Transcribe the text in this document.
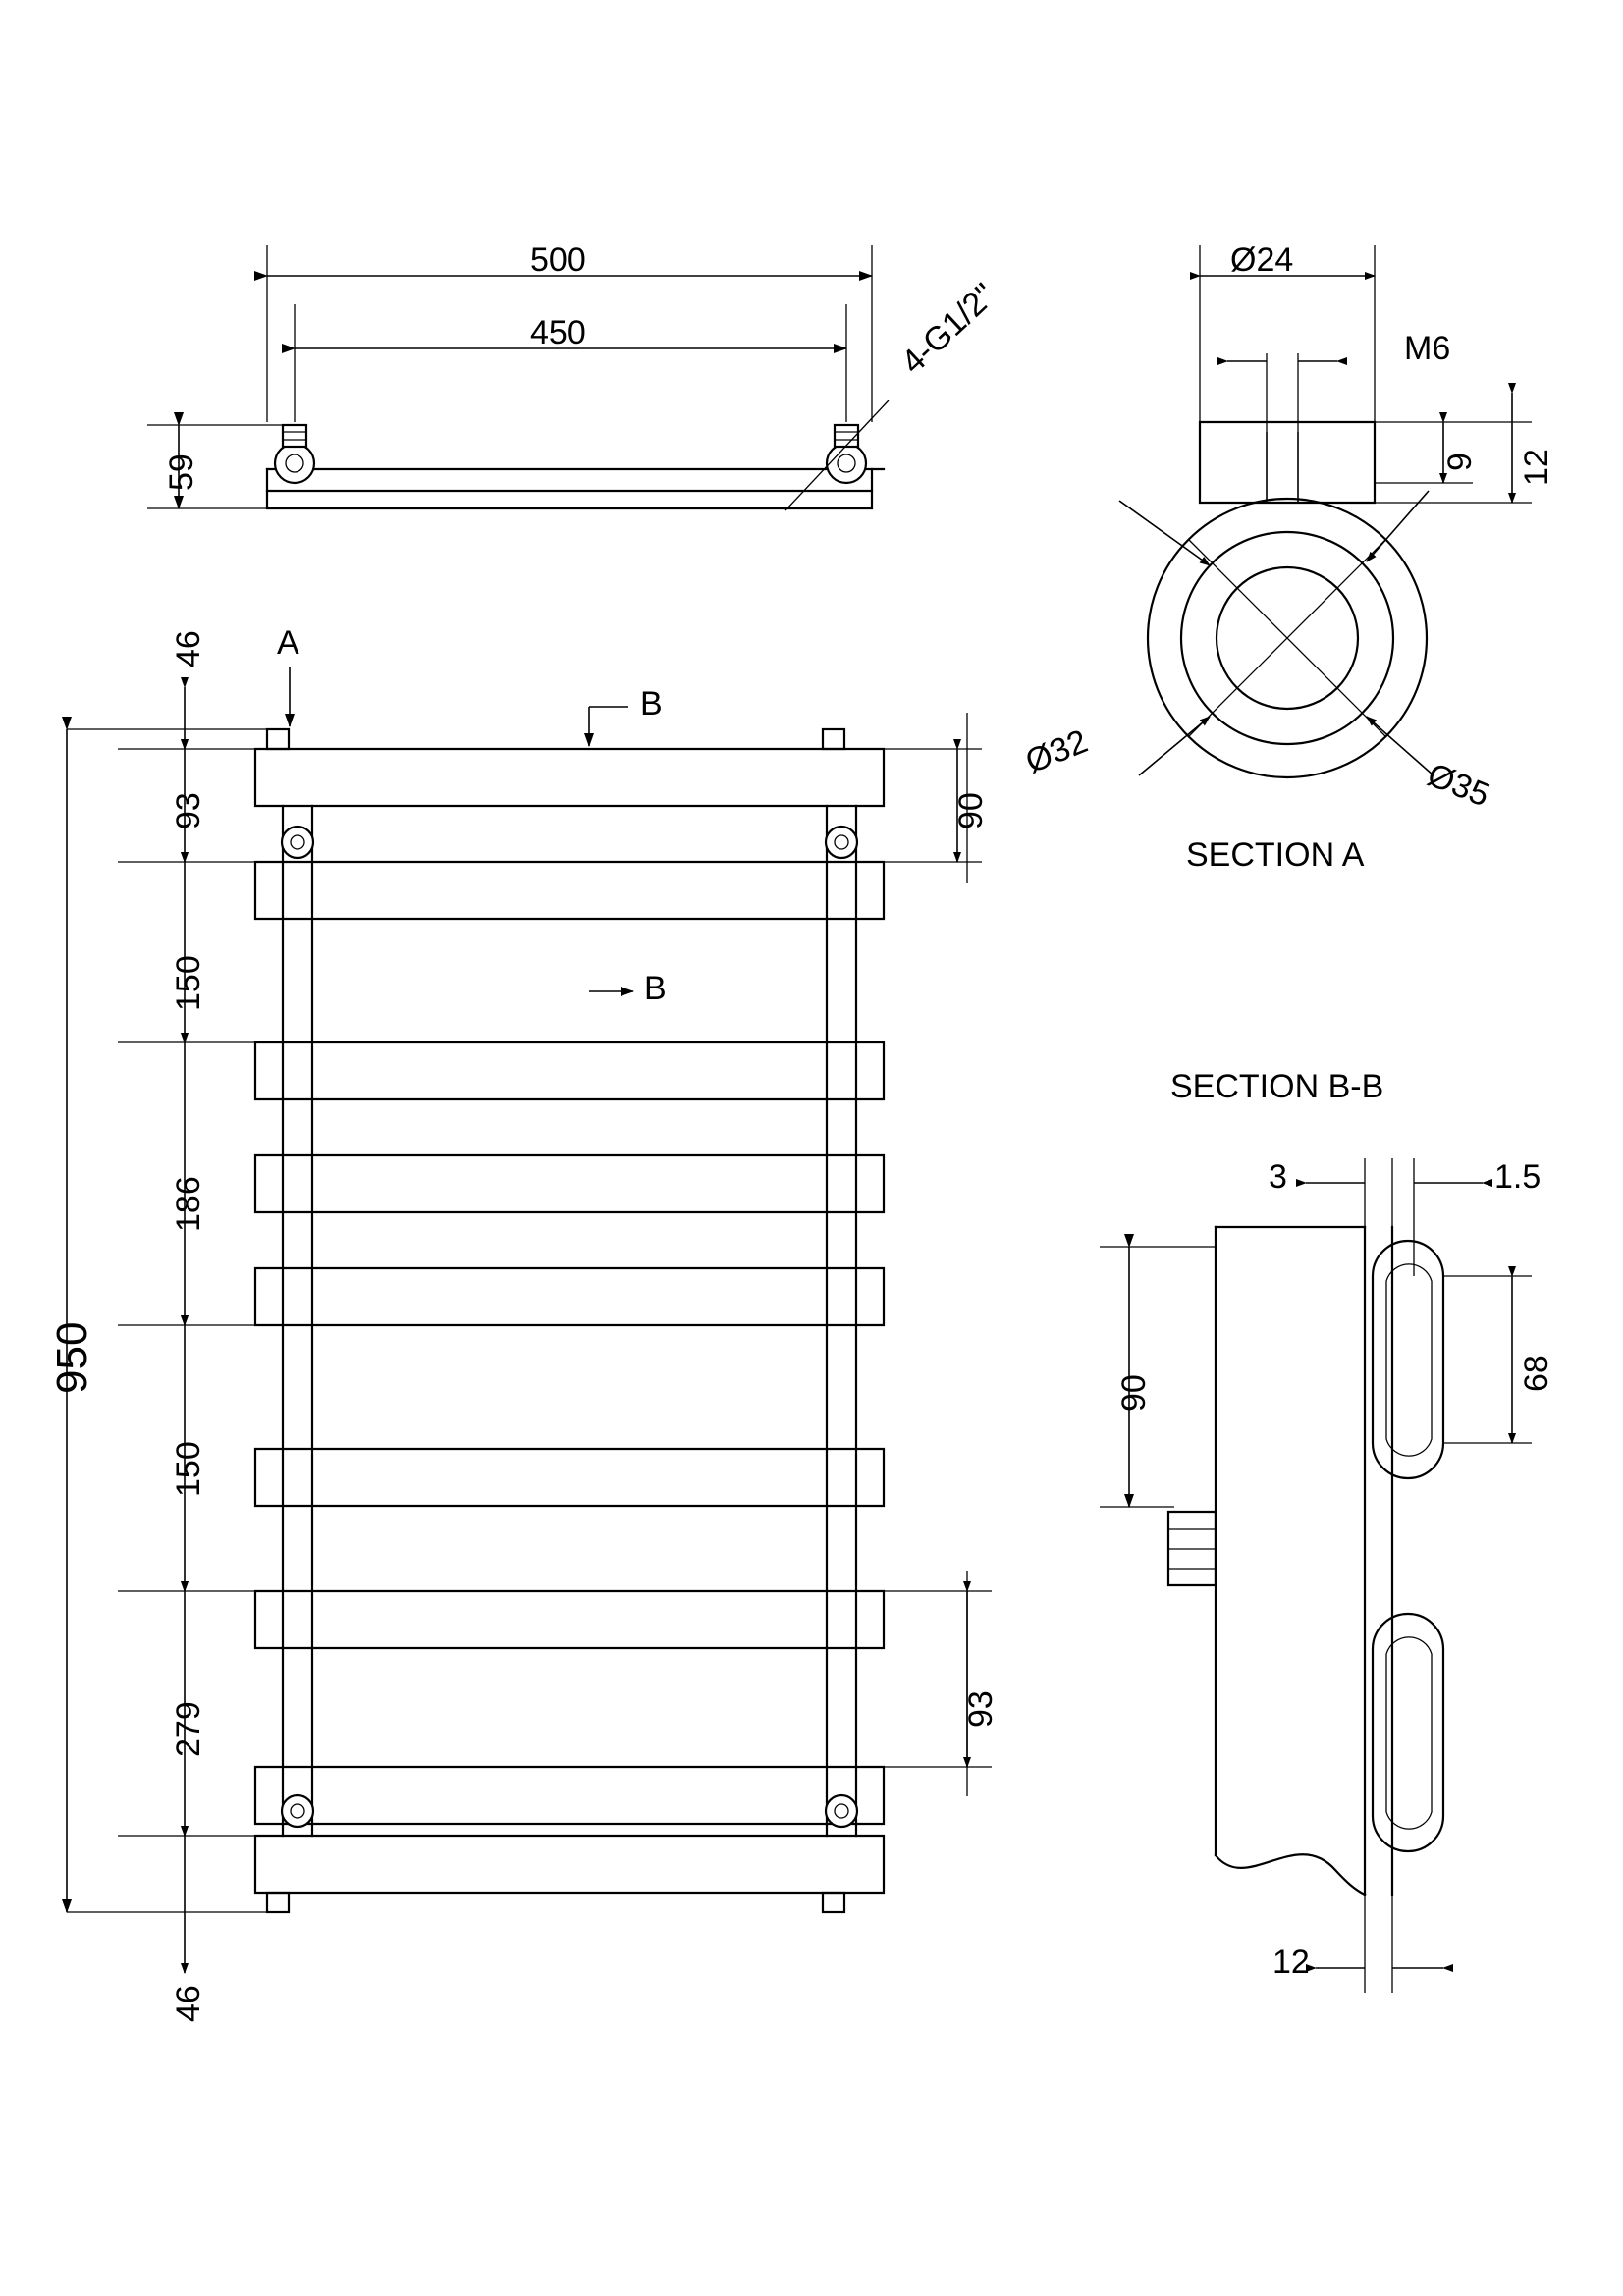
500
450
59
4-G1/2"
A
B
B
46
93
150
186
150
279
46
950
90
93
Ø24
M6
9 12
Ø32
Ø35
SECTION A
SECTION B-B
3	1.5
90
68
12
